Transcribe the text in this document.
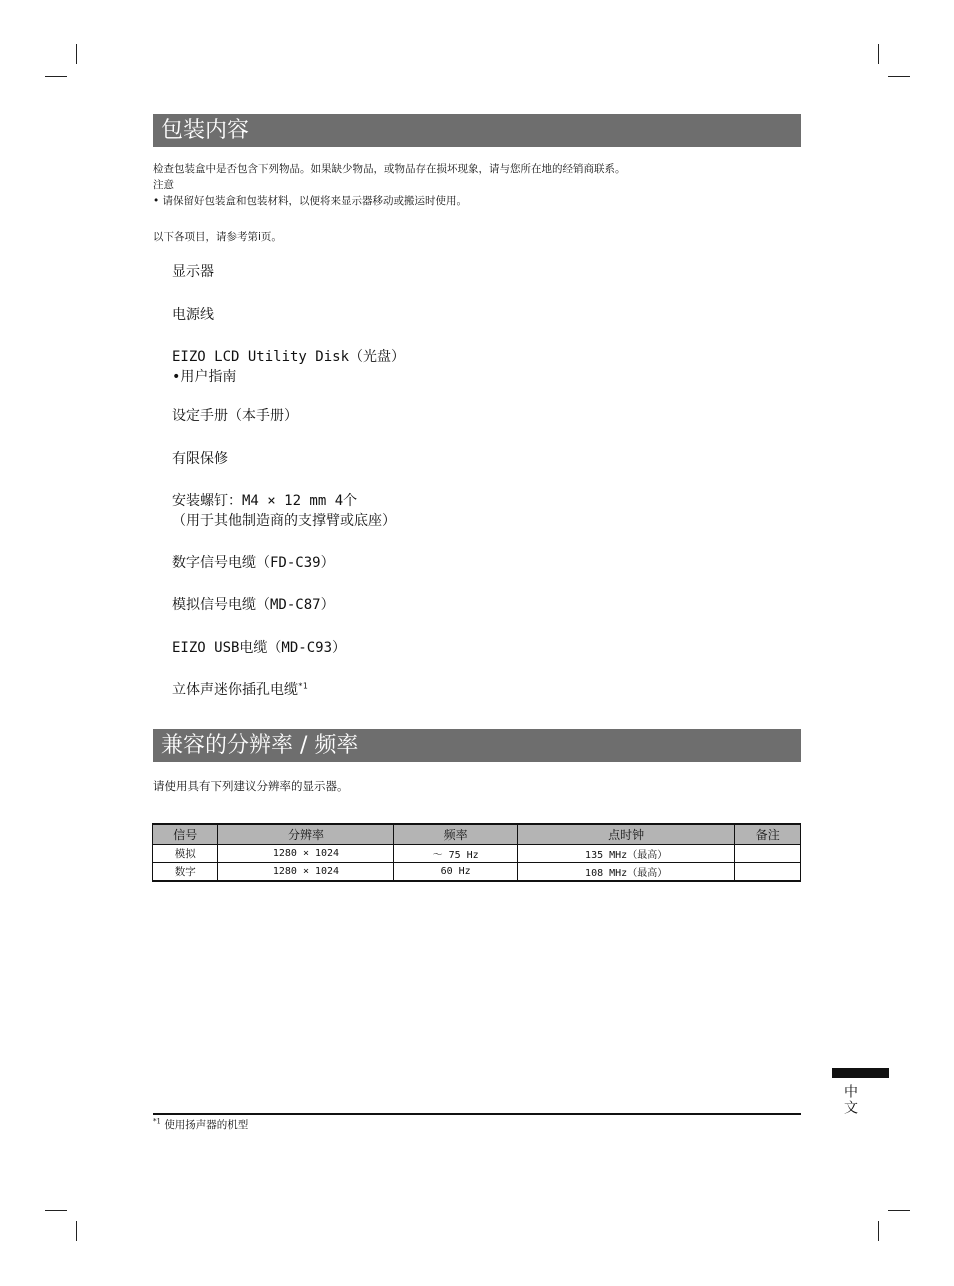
包装内容
检查包装盒中是否包含下列物品。如果缺少物品，或物品存在损坏现象，请与您所在地的经销商联系。
注意
• 请保留好包装盒和包装材料，以便将来显示器移动或搬运时使用。
以下各项目，请参考第i页。
显示器
电源线
EIZO LCD Utility Disk（光盘）
•用户指南
设定手册（本手册）
有限保修
安装螺钉：M4 × 12 mm 4个
（用于其他制造商的支撑臂或底座）
数字信号电缆（FD-C39）
模拟信号电缆（MD-C87）
EIZO USB电缆（MD-C93）
立体声迷你插孔电缆$^{*1}$
兼容的分辨率 / 频率
请使用具有下列建议分辨率的显示器。
信号	分辨率	频率	点时钟	备注
模拟	1280 × 1024	～ 75 Hz	135 MHz（最高）	
数字	1280 × 1024	60 Hz	108 MHz（最高）	
中文
$^{*1}$ 使用扬声器的机型
